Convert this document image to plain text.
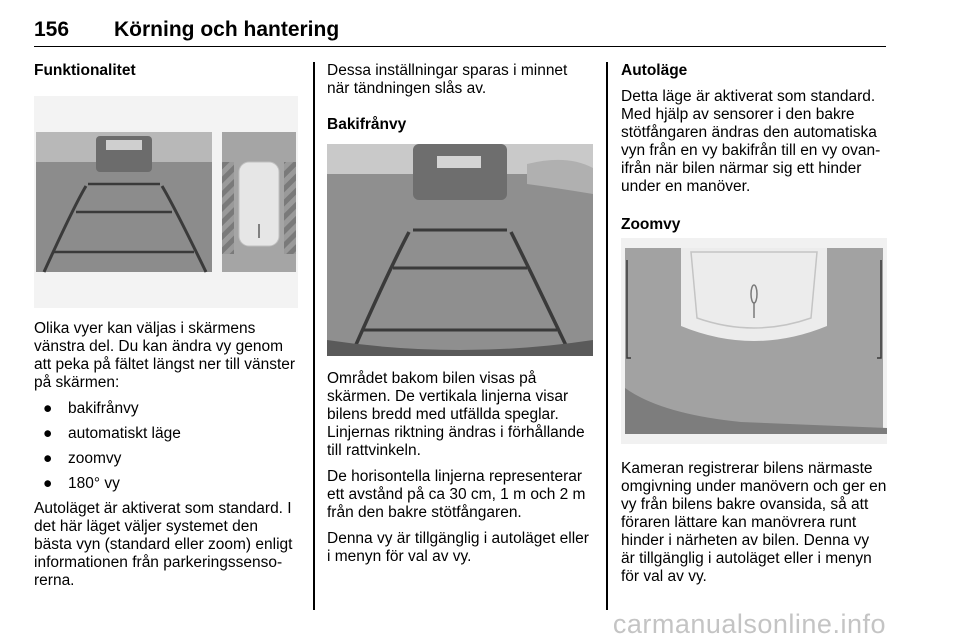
156 Körning och hantering

Funktionalitet

Olika vyer kan väljas i skärmens vänstra del. Du kan ändra vy genom att peka på fältet längst ner till vänster på skärmen:

● bakifrånvy
● automatiskt läge
● zoomvy
● 180° vy

Autoläget är aktiverat som standard. I det här läget väljer systemet den bästa vyn (standard eller zoom) enligt informationen från parkeringssenso-rerna.

Dessa inställningar sparas i minnet när tändningen slås av.

Bakifrånvy

Området bakom bilen visas på skärmen. De vertikala linjerna visar bilens bredd med utfällda speglar. Linjernas riktning ändras i förhållande till rattvinkeln.

De horisontella linjerna representerar ett avstånd på ca 30 cm, 1 m och 2 m från den bakre stötfångaren.

Denna vy är tillgänglig i autoläget eller i menyn för val av vy.

Autoläge

Detta läge är aktiverat som standard. Med hjälp av sensorer i den bakre stötfångaren ändras den automatiska vyn från en vy bakifrån till en vy ovan-ifrån när bilen närmar sig ett hinder under en manöver.

Zoomvy

Kameran registrerar bilens närmaste omgivning under manövern och ger en vy från bilens bakre ovansida, så att föraren lättare kan manövrera runt hinder i närheten av bilen. Denna vy är tillgänglig i autoläget eller i menyn för val av vy.

carmanualsonline.info
